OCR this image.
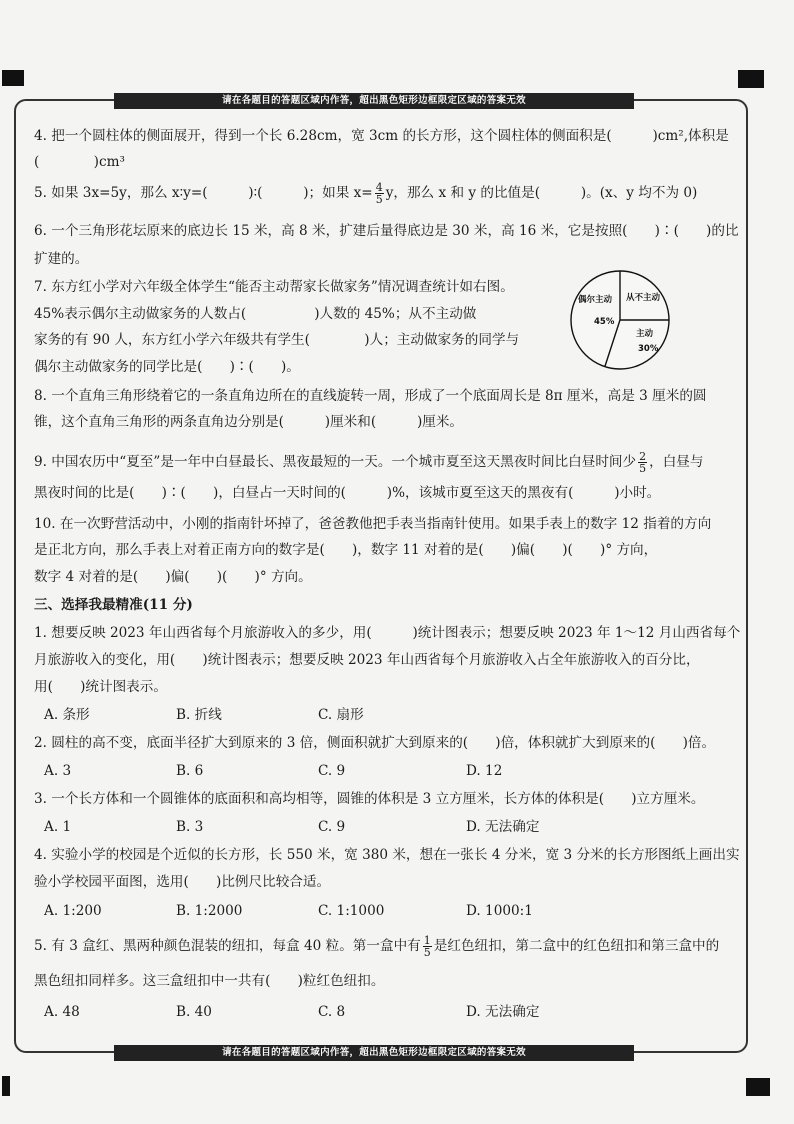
请在各题目的答题区域内作答，超出黑色矩形边框限定区域的答案无效
请在各题目的答题区域内作答，超出黑色矩形边框限定区域的答案无效
4. 把一个圆柱体的侧面展开，得到一个长 6.28cm，宽 3cm 的长方形，这个圆柱体的侧面积是(　　　)cm²,体积是
(　　　　)cm³
5. 如果 3x=5y，那么 x∶y=(　　　)∶(　　　)；如果 $x= \frac{4}{5}$ y，那么 x 和 y 的比值是(　　　)。(x、y 均不为 0)
6. 一个三角形花坛原来的底边长 15 米，高 8 米，扩建后量得底边是 30 米，高 16 米，它是按照(　　)∶(　　)的比
扩建的。
7. 东方红小学对六年级全体学生“能否主动帮家长做家务”情况调查统计如右图。
45%表示偶尔主动做家务的人数占(　　　　　)人数的 45%；从不主动做
家务的有 90 人，东方红小学六年级共有学生(　　　　)人；主动做家务的同学与
偶尔主动做家务的同学比是(　　)∶(　　)。
偶尔主动
45%
从不主动
主动
30%
8. 一个直角三角形绕着它的一条直角边所在的直线旋转一周，形成了一个底面周长是 8π 厘米，高是 3 厘米的圆
锥，这个直角三角形的两条直角边分别是(　　　)厘米和(　　　)厘米。
9. 中国农历中“夏至”是一年中白昼最长、黑夜最短的一天。一个城市夏至这天黑夜时间比白昼时间少 $\frac{2}{5}$ ，白昼与
黑夜时间的比是(　　)∶(　　)，白昼占一天时间的(　　　)%，该城市夏至这天的黑夜有(　　　)小时。
10. 在一次野营活动中，小刚的指南针坏掉了，爸爸教他把手表当指南针使用。如果手表上的数字 12 指着的方向
是正北方向，那么手表上对着正南方向的数字是(　　)，数字 11 对着的是(　　)偏(　　)(　　)° 方向，
数字 4 对着的是(　　)偏(　　)(　　)° 方向。
三、选择我最精准(11 分)
1. 想要反映 2023 年山西省每个月旅游收入的多少，用(　　　)统计图表示；想要反映 2023 年 1～12 月山西省每个
月旅游收入的变化，用(　　)统计图表示；想要反映 2023 年山西省每个月旅游收入占全年旅游收入的百分比，
用(　　)统计图表示。
A. 条形	B. 折线	C. 扇形
2. 圆柱的高不变，底面半径扩大到原来的 3 倍，侧面积就扩大到原来的(　　)倍，体积就扩大到原来的(　　)倍。
A. 3	B. 6	C. 9	D. 12
3. 一个长方体和一个圆锥体的底面积和高均相等，圆锥的体积是 3 立方厘米，长方体的体积是(　　)立方厘米。
A. 1	B. 3	C. 9	D. 无法确定
4. 实验小学的校园是个近似的长方形，长 550 米，宽 380 米，想在一张长 4 分米，宽 3 分米的长方形图纸上画出实
验小学校园平面图，选用(　　)比例尺比较合适。
A. 1:200	B. 1:2000	C. 1:1000	D. 1000:1
5. 有 3 盒红、黑两种颜色混装的纽扣，每盒 40 粒。第一盒中有 $\frac{1}{5}$ 是红色纽扣，第二盒中的红色纽扣和第三盒中的
黑色纽扣同样多。这三盒纽扣中一共有(　　)粒红色纽扣。
A. 48	B. 40	C. 8	D. 无法确定
